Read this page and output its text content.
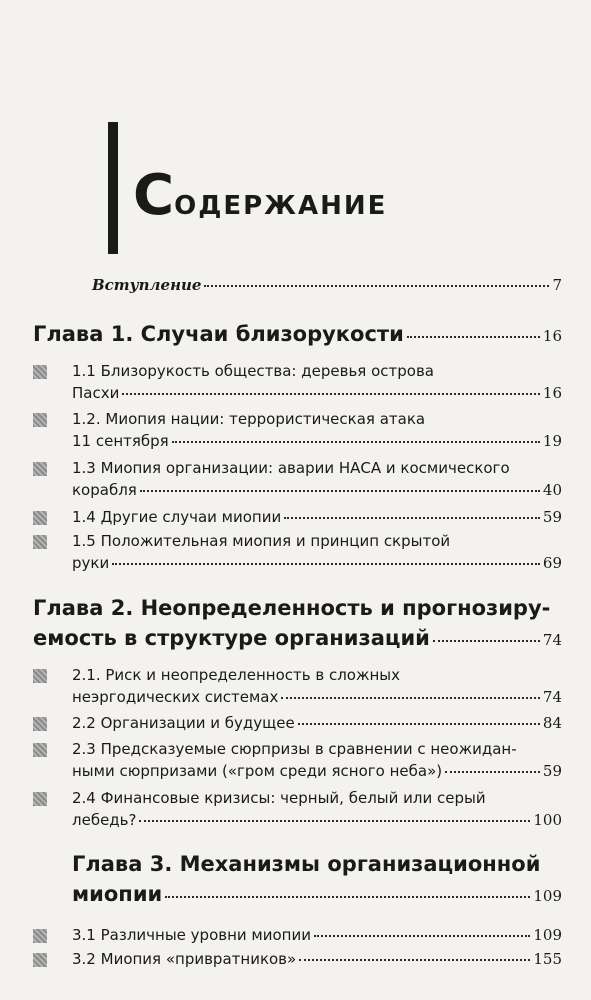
СОДЕРЖАНИЕ
Вступление	7
Глава 1. Случаи близорукости	16
1.1 Близорукость общества: деревья острова
Пасхи	16
1.2. Миопия нации: террористическая атака
11 сентября	19
1.3 Миопия организации: аварии НАСА и космического
корабля	40
1.4 Другие случаи миопии	59
1.5 Положительная миопия и принцип скрытой
руки	69
Глава 2. Неопределенность и прогнозиру-
емость в структуре организаций	74
2.1. Риск и неопределенность в сложных
неэргодических системах	74
2.2 Организации и будущее	84
2.3 Предсказуемые сюрпризы в сравнении с неожидан-
ными сюрпризами («гром среди ясного неба»)	59
2.4 Финансовые кризисы: черный, белый или серый
лебедь?	100
Глава 3. Механизмы организационной
миопии	109
3.1 Различные уровни миопии	109
3.2 Миопия «привратников»	155
